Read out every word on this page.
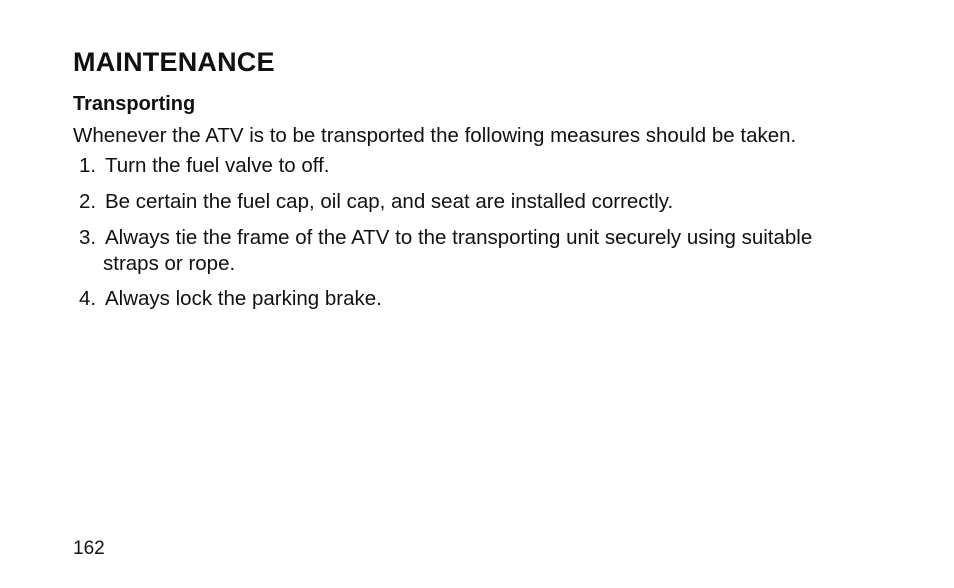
MAINTENANCE
Transporting

Whenever the ATV is to be transported the following measures should be taken.

1. Turn the fuel valve to off.
2. Be certain the fuel cap, oil cap, and seat are installed correctly.
3. Always tie the frame of the ATV to the transporting unit securely using suitable
straps or rope.
4. Always lock the parking brake.

162
